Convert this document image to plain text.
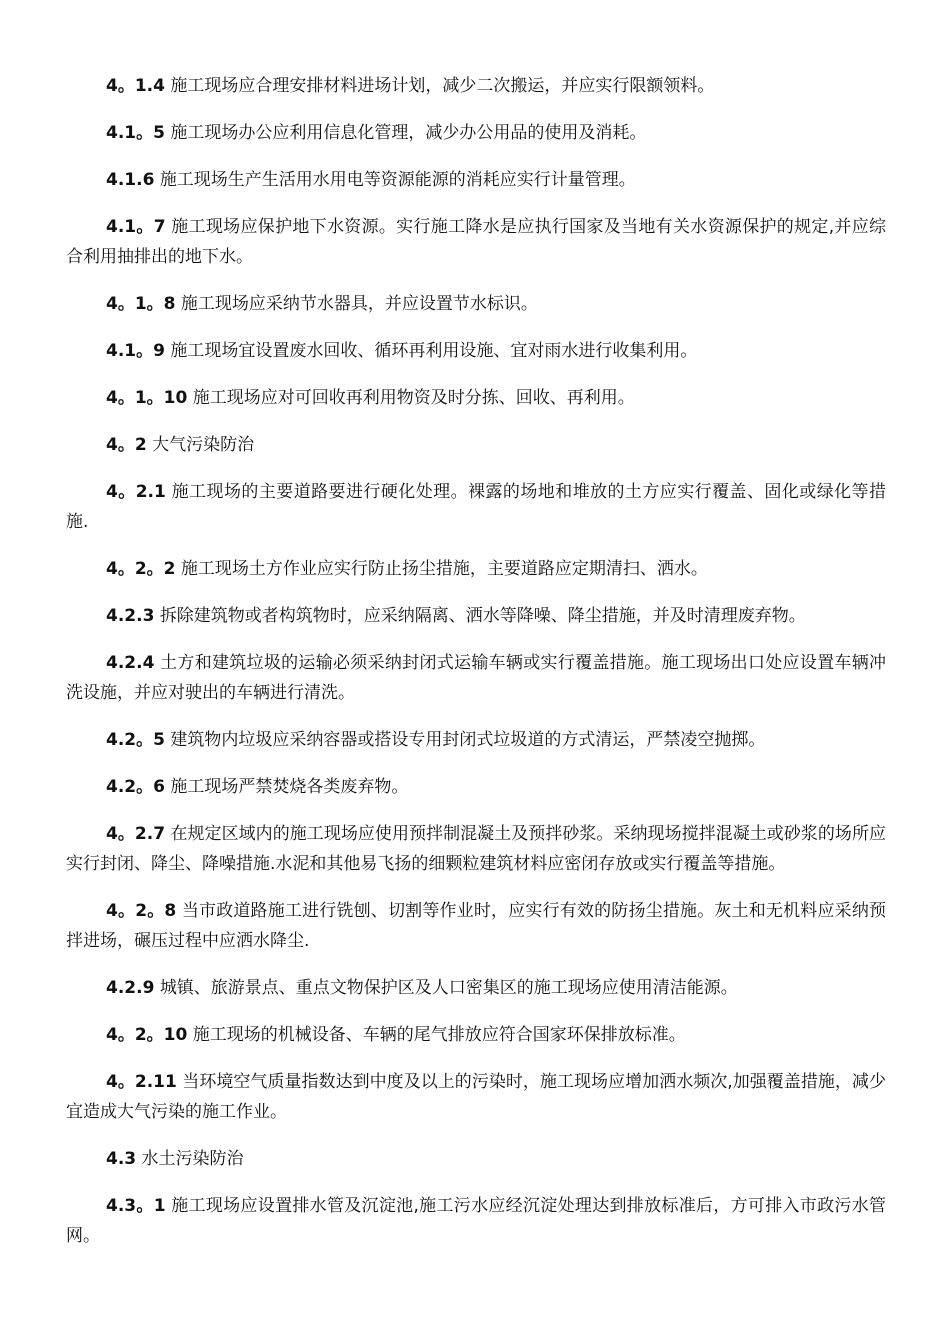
4。1.4 施工现场应合理安排材料进场计划，减少二次搬运，并应实行限额领料。

4.1。5 施工现场办公应利用信息化管理，减少办公用品的使用及消耗。

4.1.6 施工现场生产生活用水用电等资源能源的消耗应实行计量管理。

4.1。7 施工现场应保护地下水资源。实行施工降水是应执行国家及当地有关水资源保护的规定,并应综合利用抽排出的地下水。

4。1。8 施工现场应采纳节水器具，并应设置节水标识。

4.1。9 施工现场宜设置废水回收、循环再利用设施、宜对雨水进行收集利用。

4。1。10 施工现场应对可回收再利用物资及时分拣、回收、再利用。

4。2 大气污染防治

4。2.1 施工现场的主要道路要进行硬化处理。裸露的场地和堆放的土方应实行覆盖、固化或绿化等措施.

4。2。2 施工现场土方作业应实行防止扬尘措施，主要道路应定期清扫、洒水。

4.2.3 拆除建筑物或者构筑物时，应采纳隔离、洒水等降噪、降尘措施，并及时清理废弃物。

4.2.4 土方和建筑垃圾的运输必须采纳封闭式运输车辆或实行覆盖措施。施工现场出口处应设置车辆冲洗设施，并应对驶出的车辆进行清洗。

4.2。5 建筑物内垃圾应采纳容器或搭设专用封闭式垃圾道的方式清运，严禁凌空抛掷。

4.2。6 施工现场严禁焚烧各类废弃物。

4。2.7 在规定区域内的施工现场应使用预拌制混凝土及预拌砂浆。采纳现场搅拌混凝土或砂浆的场所应实行封闭、降尘、降噪措施.水泥和其他易飞扬的细颗粒建筑材料应密闭存放或实行覆盖等措施。

4。2。8 当市政道路施工进行铣刨、切割等作业时，应实行有效的防扬尘措施。灰土和无机料应采纳预拌进场，碾压过程中应洒水降尘.

4.2.9 城镇、旅游景点、重点文物保护区及人口密集区的施工现场应使用清洁能源。

4。2。10 施工现场的机械设备、车辆的尾气排放应符合国家环保排放标准。

4。2.11 当环境空气质量指数达到中度及以上的污染时，施工现场应增加洒水频次,加强覆盖措施，减少宜造成大气污染的施工作业。

4.3 水土污染防治

4.3。1 施工现场应设置排水管及沉淀池,施工污水应经沉淀处理达到排放标准后，方可排入市政污水管网。
